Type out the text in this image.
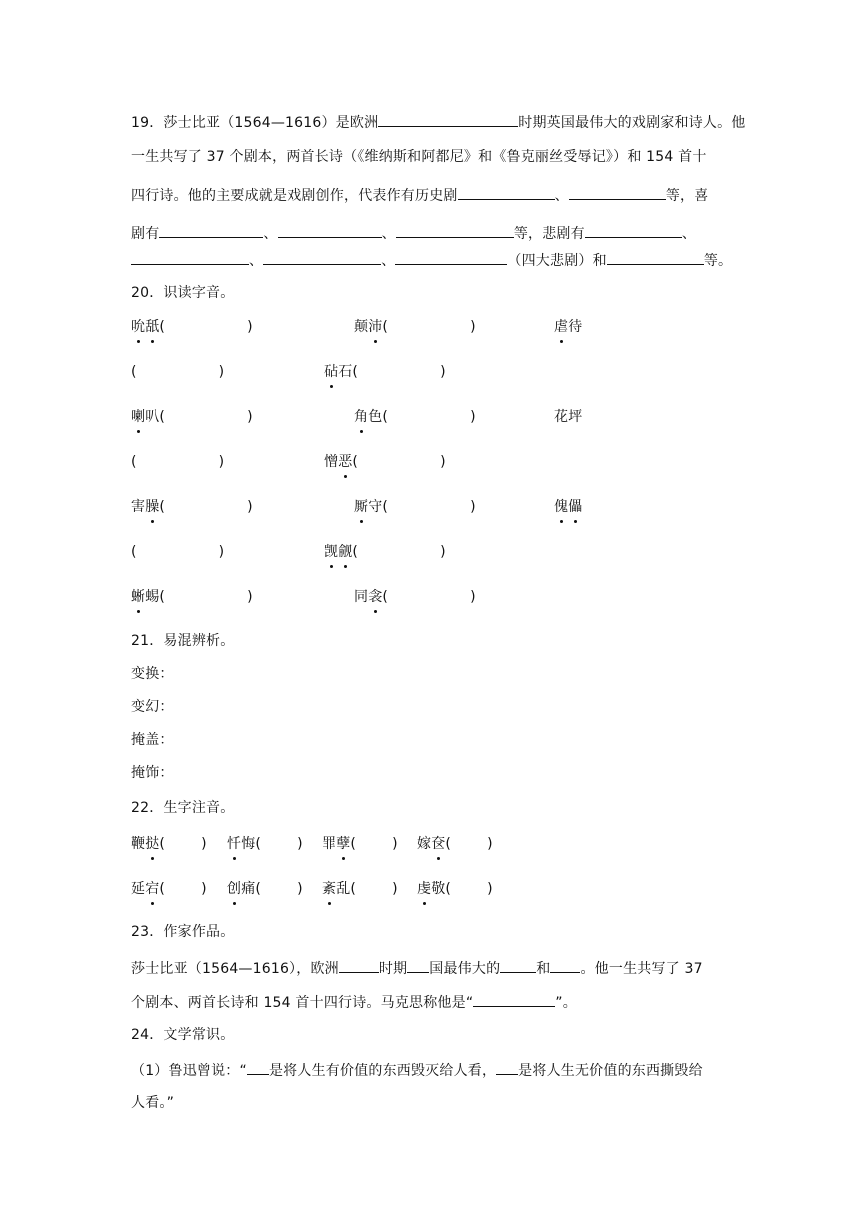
19．莎士比亚（1564—1616）是欧洲	时期英国最伟大的戏剧家和诗人。他
一生共写了 37 个剧本，两首长诗（《维纳斯和阿都尼》和《鲁克丽丝受辱记》）和 154 首十
四行诗。他的主要成就是戏剧创作，代表作有历史剧	、	等，喜
剧有	、	、	等，悲剧有	、
、	、	（四大悲剧）和	等。
20．识读字音。
吮舐(	)	颠沛(	)	虐待
(	)	砧石(	)
喇叭(	)	角色(	)	花坪
(	)	憎恶(	)
害臊(	)	厮守(	)	傀儡
(	)	觊觎(	)
蜥蜴(	)	同衾(	)
21．易混辨析。
变换：
变幻：
掩盖：
掩饰：
22．生字注音。
鞭挞(	) 忏悔(	) 罪孽(	) 嫁奁(	)
延宕(	) 创痛(	) 紊乱(	) 虔敬(	)
23．作家作品。
莎士比亚（1564—1616），欧洲	时期 国最伟大的	和 。他一生共写了 37
个剧本、两首长诗和 154 首十四行诗。马克思称他是“	”。
24．文学常识。
（1）鲁迅曾说：“ 是将人生有价值的东西毁灭给人看， 是将人生无价值的东西撕毁给
人看。”
